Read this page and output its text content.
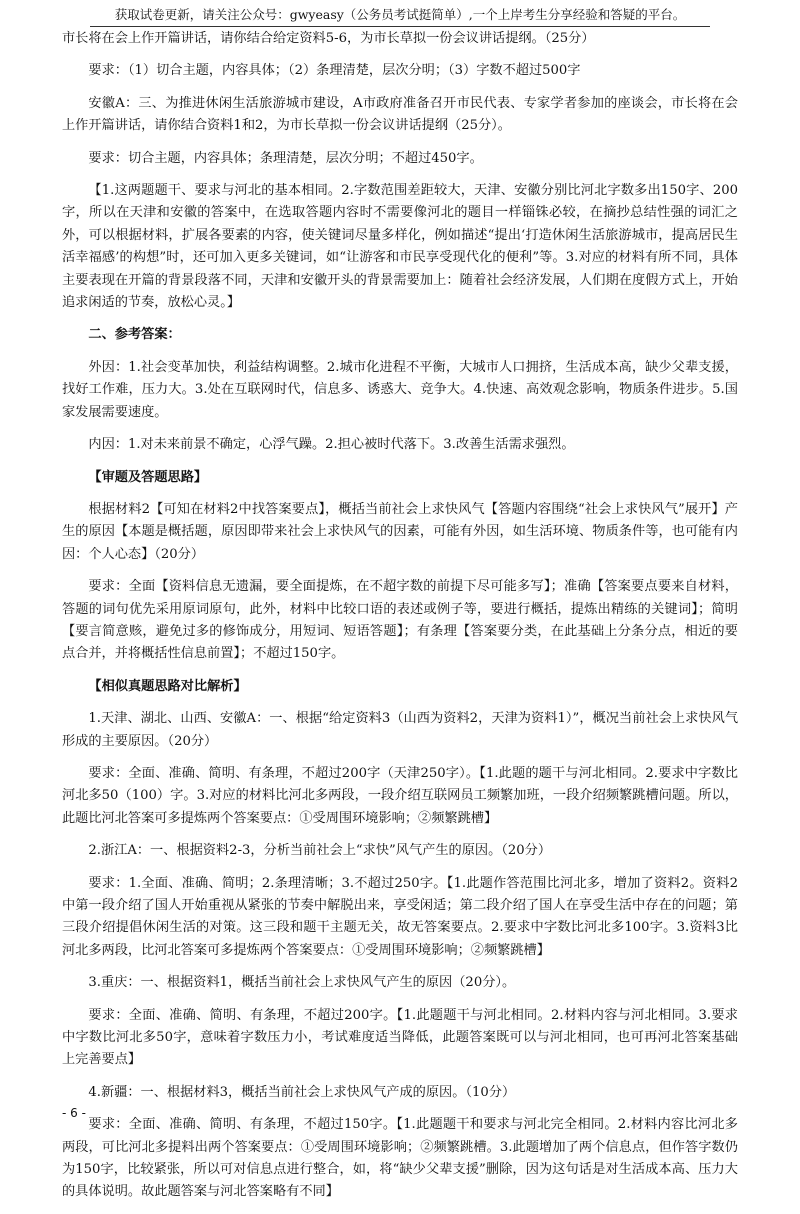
获取试卷更新，请关注公众号：gwyeasy（公务员考试挺简单）,一个上岸考生分享经验和答疑的平台。

市长将在会上作开篇讲话，请你结合给定资料5-6，为市长草拟一份会议讲话提纲。（25分）

要求：（1）切合主题，内容具体；（2）条理清楚，层次分明；（3）字数不超过500字

安徽A：三、为推进休闲生活旅游城市建设，A市政府准备召开市民代表、专家学者参加的座谈会，市长将在会上作开篇讲话，请你结合资料1和2，为市长草拟一份会议讲话提纲（25分）。

要求：切合主题，内容具体；条理清楚，层次分明；不超过450字。

【1.这两题题干、要求与河北的基本相同。2.字数范围差距较大，天津、安徽分别比河北字数多出150字、200字，所以在天津和安徽的答案中，在选取答题内容时不需要像河北的题目一样锱铢必较，在摘抄总结性强的词汇之外，可以根据材料，扩展各要素的内容，使关键词尽量多样化，例如描述“提出‘打造休闲生活旅游城市，提高居民生活幸福感’的构想”时，还可加入更多关键词，如“让游客和市民享受现代化的便利”等。3.对应的材料有所不同，具体主要表现在开篇的背景段落不同，天津和安徽开头的背景需要加上：随着社会经济发展，人们期在度假方式上，开始追求闲适的节奏，放松心灵。】

二、参考答案：

外因：1.社会变革加快，利益结构调整。2.城市化进程不平衡，大城市人口拥挤，生活成本高，缺少父辈支援，找好工作难，压力大。3.处在互联网时代，信息多、诱惑大、竞争大。4.快速、高效观念影响，物质条件进步。5.国家发展需要速度。

内因：1.对未来前景不确定，心浮气躁。2.担心被时代落下。3.改善生活需求强烈。

【审题及答题思路】

根据材料2【可知在材料2中找答案要点】，概括当前社会上求快风气【答题内容围绕“社会上求快风气”展开】产生的原因【本题是概括题，原因即带来社会上求快风气的因素，可能有外因，如生活环境、物质条件等，也可能有内因：个人心态】（20分）

要求：全面【资料信息无遗漏，要全面提炼，在不超字数的前提下尽可能多写】；准确【答案要点要来自材料，答题的词句优先采用原词原句，此外，材料中比较口语的表述或例子等，要进行概括，提炼出精练的关键词】；简明【要言简意赅，避免过多的修饰成分，用短词、短语答题】；有条理【答案要分类，在此基础上分条分点，相近的要点合并，并将概括性信息前置】；不超过150字。

【相似真题思路对比解析】

1.天津、湖北、山西、安徽A：一、根据“给定资料3（山西为资料2，天津为资料1）”，概况当前社会上求快风气形成的主要原因。（20分）

要求：全面、准确、简明、有条理，不超过200字（天津250字）。【1.此题的题干与河北相同。2.要求中字数比河北多50（100）字。3.对应的材料比河北多两段，一段介绍互联网员工频繁加班，一段介绍频繁跳槽问题。所以，此题比河北答案可多提炼两个答案要点：①受周围环境影响；②频繁跳槽】

2.浙江A：一、根据资料2-3，分析当前社会上“求快”风气产生的原因。（20分）

要求：1.全面、准确、简明；2.条理清晰；3.不超过250字。【1.此题作答范围比河北多，增加了资料2。资料2中第一段介绍了国人开始重视从紧张的节奏中解脱出来，享受闲适；第二段介绍了国人在享受生活中存在的问题；第三段介绍提倡休闲生活的对策。这三段和题干主题无关，故无答案要点。2.要求中字数比河北多100字。3.资料3比河北多两段，比河北答案可多提炼两个答案要点：①受周围环境影响；②频繁跳槽】

3.重庆：一、根据资料1，概括当前社会上求快风气产生的原因（20分）。

要求：全面、准确、简明、有条理，不超过200字。【1.此题题干与河北相同。2.材料内容与河北相同。3.要求中字数比河北多50字，意味着字数压力小，考试难度适当降低，此题答案既可以与河北相同，也可再河北答案基础上完善要点】

4.新疆：一、根据材料3，概括当前社会上求快风气产成的原因。（10分）

要求：全面、准确、简明、有条理，不超过150字。【1.此题题干和要求与河北完全相同。2.材料内容比河北多两段，可比河北多提料出两个答案要点：①受周围环境影响；②频繁跳槽。3.此题增加了两个信息点，但作答字数仍为150字，比较紧张，所以可对信息点进行整合，如，将“缺少父辈支援”删除，因为这句话是对生活成本高、压力大的具体说明。故此题答案与河北答案略有不同】

- 6 -
